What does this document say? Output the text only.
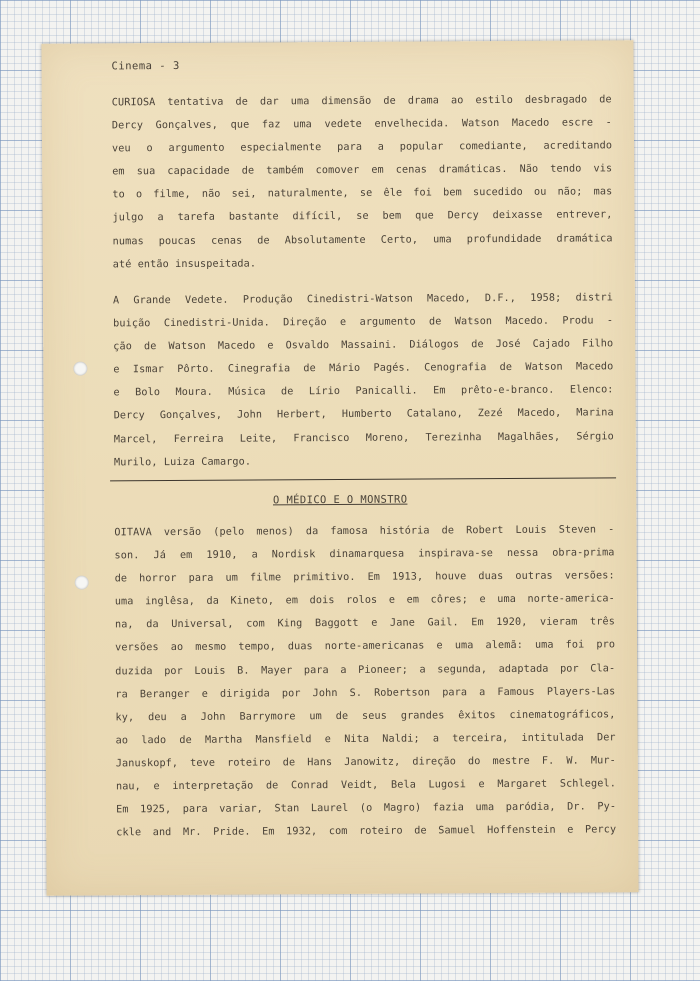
Cinema - 3

CURIOSA tentativa de dar uma dimensão de drama ao estilo desbragado de
Dercy Gonçalves, que faz uma vedete envelhecida. Watson Macedo escre -
veu o argumento especialmente para a popular comediante, acreditando
em sua capacidade de também comover em cenas dramáticas. Não tendo vis
to o filme, não sei, naturalmente, se êle foi bem sucedido ou não; mas
julgo a tarefa bastante difícil, se bem que Dercy deixasse entrever,
numas poucas cenas de Absolutamente Certo, uma profundidade dramática
até então insuspeitada.
A Grande Vedete. Produção Cinedistri-Watson Macedo, D.F., 1958; distri
buição Cinedistri-Unida. Direção e argumento de Watson Macedo. Produ -
ção de Watson Macedo e Osvaldo Massaini. Diálogos de José Cajado Filho
e Ismar Pôrto. Cinegrafia de Mário Pagés. Cenografia de Watson Macedo
e Bolo Moura. Música de Lírio Panicalli. Em prêto-e-branco. Elenco:
Dercy Gonçalves, John Herbert, Humberto Catalano, Zezé Macedo, Marina
Marcel, Ferreira Leite, Francisco Moreno, Terezinha Magalhães, Sérgio
Murilo, Luiza Camargo.

O MÉDICO E O MONSTRO

OITAVA versão (pelo menos) da famosa história de Robert Louis Steven -
son. Já em 1910, a Nordisk dinamarquesa inspirava-se nessa obra-prima
de horror para um filme primitivo. Em 1913, houve duas outras versões:
uma inglêsa, da Kineto, em dois rolos e em côres; e uma norte-america-
na, da Universal, com King Baggott e Jane Gail. Em 1920, vieram três
versões ao mesmo tempo, duas norte-americanas e uma alemã: uma foi pro
duzida por Louis B. Mayer para a Pioneer; a segunda, adaptada por Cla-
ra Beranger e dirigida por John S. Robertson para a Famous Players-Las
ky, deu a John Barrymore um de seus grandes êxitos cinematográficos,
ao lado de Martha Mansfield e Nita Naldi; a terceira, intitulada Der
Januskopf, teve roteiro de Hans Janowitz, direção do mestre F. W. Mur-
nau, e interpretação de Conrad Veidt, Bela Lugosi e Margaret Schlegel.
Em 1925, para variar, Stan Laurel (o Magro) fazia uma paródia, Dr. Py-
ckle and Mr. Pride. Em 1932, com roteiro de Samuel Hoffenstein e Percy
